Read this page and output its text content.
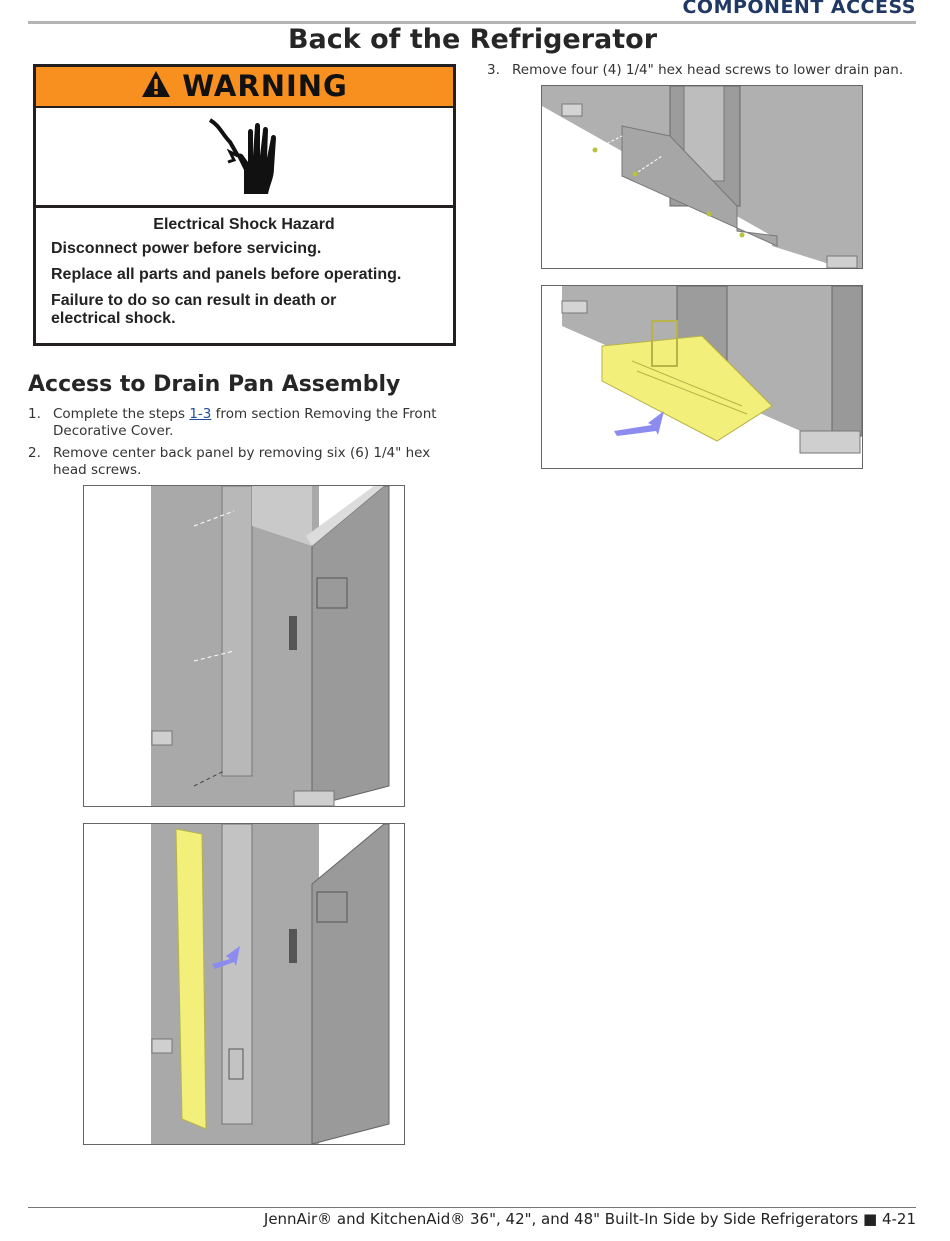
COMPONENT ACCESS
Back of the Refrigerator
WARNING
Electrical Shock Hazard
Disconnect power before servicing.
Replace all parts and panels before operating.
Failure to do so can result in death or electrical shock.
Access to Drain Pan Assembly
1. Complete the steps 1-3 from section Removing the Front Decorative Cover.
2. Remove center back panel by removing six (6) 1/4" hex head screws.
3. Remove four (4) 1/4" hex head screws to lower drain pan.
JennAir® and KitchenAid® 36", 42", and 48" Built-In Side by Side Refrigerators ■ 4-21
